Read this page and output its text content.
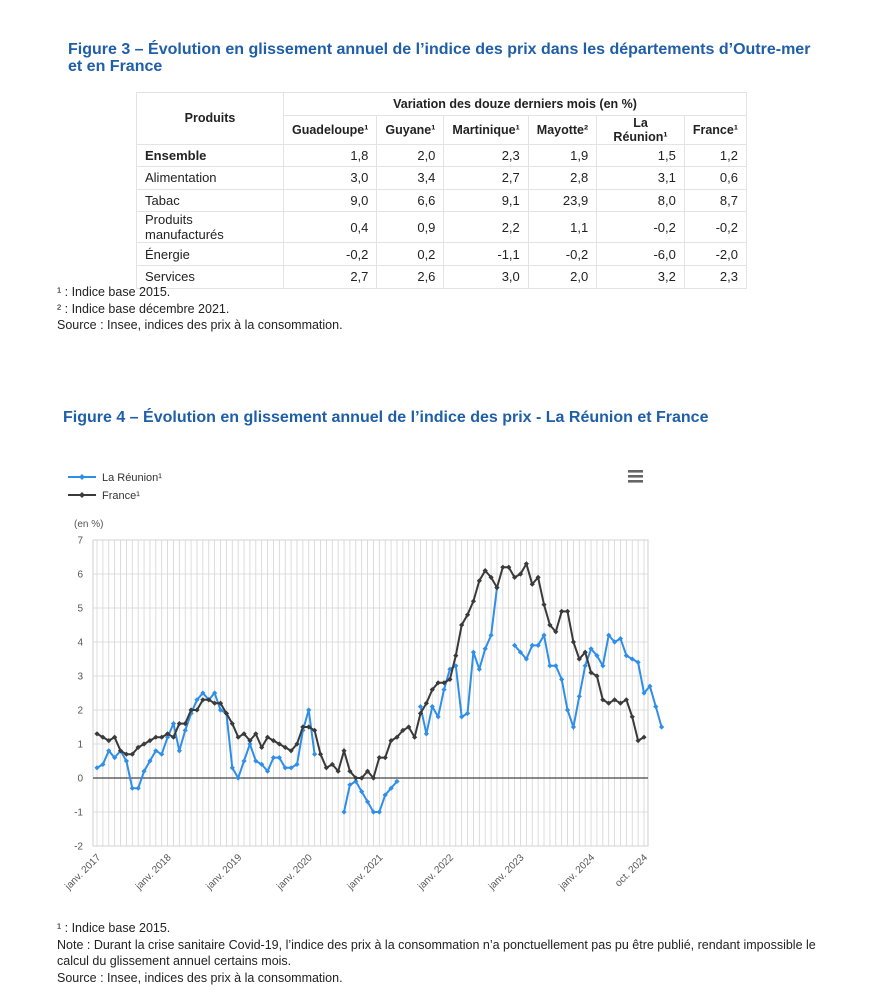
Figure 3 – Évolution en glissement annuel de l’indice des prix dans les départements d’Outre-mer et en France
Produits	Variation des douze derniers mois (en %)					
	Guadeloupe¹	Guyane¹	Martinique¹	Mayotte²	La Réunion¹	France¹
Ensemble	1,8	2,0	2,3	1,9	1,5	1,2
Alimentation	3,0	3,4	2,7	2,8	3,1	0,6
Tabac	9,0	6,6	9,1	23,9	8,0	8,7
Produits manufacturés	0,4	0,9	2,2	1,1	-0,2	-0,2
Énergie	-0,2	0,2	-1,1	-0,2	-6,0	-2,0
Services	2,7	2,6	3,0	2,0	3,2	2,3
¹ : Indice base 2015.
² : Indice base décembre 2021.
Source : Insee, indices des prix à la consommation.
Figure 4 – Évolution en glissement annuel de l’indice des prix - La Réunion et France
-2
-1
0
1
2
3
4
5
6
7
(en %)
janv. 2017	janv. 2018	janv. 2019	janv. 2020	janv. 2021	janv. 2022	janv. 2023	janv. 2024 oct. 2024
La Réunion¹
France¹
¹ : Indice base 2015.
Note : Durant la crise sanitaire Covid-19, l’indice des prix à la consommation n’a ponctuellement pas pu être publié, rendant impossible le calcul du glissement annuel certains mois.
Source : Insee, indices des prix à la consommation.
